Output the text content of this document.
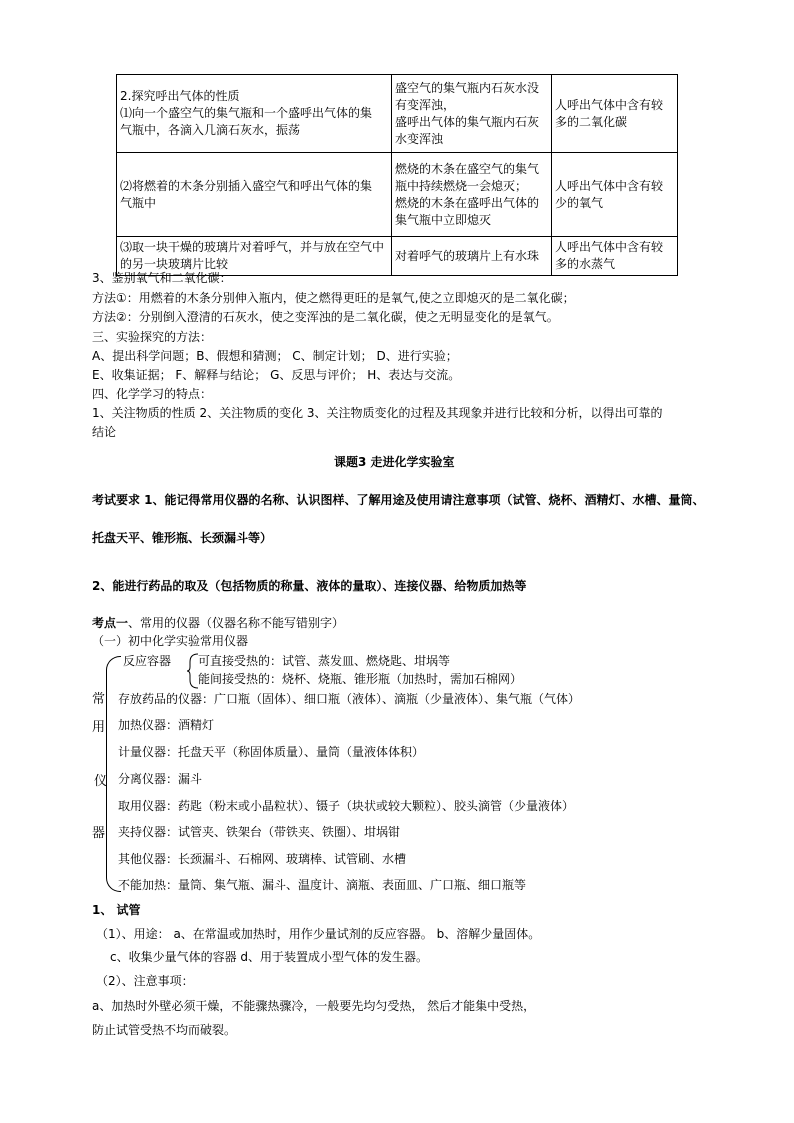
2.探究呼出气体的性质
⑴向一个盛空气的集气瓶和一个盛呼出气体的集
气瓶中，各滴入几滴石灰水，振荡	盛空气的集气瓶内石灰水没
有变浑浊，
盛呼出气体的集气瓶内石灰
水变浑浊	人呼出气体中含有较
多的二氧化碳

⑵将燃着的木条分别插入盛空气和呼出气体的集
气瓶中	燃烧的木条在盛空气的集气
瓶中持续燃烧一会熄灭；
燃烧的木条在盛呼出气体的
集气瓶中立即熄灭	人呼出气体中含有较
少的氧气

⑶取一块干燥的玻璃片对着呼气，并与放在空气中
的另一块玻璃片比较	对着呼气的玻璃片上有水珠	人呼出气体中含有较
多的水蒸气
3、鉴别氧气和二氧化碳：
方法①：用燃着的木条分别伸入瓶内，使之燃得更旺的是氧气,使之立即熄灭的是二氧化碳；
方法②：分别倒入澄清的石灰水，使之变浑浊的是二氧化碳，使之无明显变化的是氧气。
三、实验探究的方法：
A、提出科学问题；B、假想和猜测； C、制定计划； D、进行实验；
E、收集证据； F、解释与结论； G、反思与评价； H、表达与交流。
四、化学学习的特点：
1、关注物质的性质 2、关注物质的变化 3、关注物质变化的过程及其现象并进行比较和分析，以得出可靠的
结论
课题3 走进化学实验室
考试要求 1、能记得常用仪器的名称、认识图样、了解用途及使用请注意事项（试管、烧杯、酒精灯、水槽、量筒、
托盘天平、锥形瓶、长颈漏斗等）
2、能进行药品的取及（包括物质的称量、液体的量取）、连接仪器、给物质加热等
考点一、常用的仪器（仪器名称不能写错别字）
（一）初中化学实验常用仪器
常
用
仪
器
反应容器 可直接受热的：试管、蒸发皿、燃烧匙、坩埚等
能间接受热的：烧杯、烧瓶、锥形瓶（加热时，需加石棉网）
存放药品的仪器：广口瓶（固体）、细口瓶（液体）、滴瓶（少量液体）、集气瓶（气体）
加热仪器：酒精灯
计量仪器：托盘天平（称固体质量）、量筒（量液体体积）
分离仪器：漏斗
取用仪器：药匙（粉末或小晶粒状）、镊子（块状或较大颗粒）、胶头滴管（少量液体）
夹持仪器：试管夹、铁架台（带铁夹、铁圈）、坩埚钳
其他仪器：长颈漏斗、石棉网、玻璃棒、试管刷、水槽
不能加热：量筒、集气瓶、漏斗、温度计、滴瓶、表面皿、广口瓶、细口瓶等
1、 试管
（1）、用途： a、在常温或加热时，用作少量试剂的反应容器。 b、溶解少量固体。
c、收集少量气体的容器 d、用于装置成小型气体的发生器。
（2）、注意事项：
a、加热时外壁必须干燥，不能骤热骤冷，一般要先均匀受热， 然后才能集中受热，
防止试管受热不均而破裂。
